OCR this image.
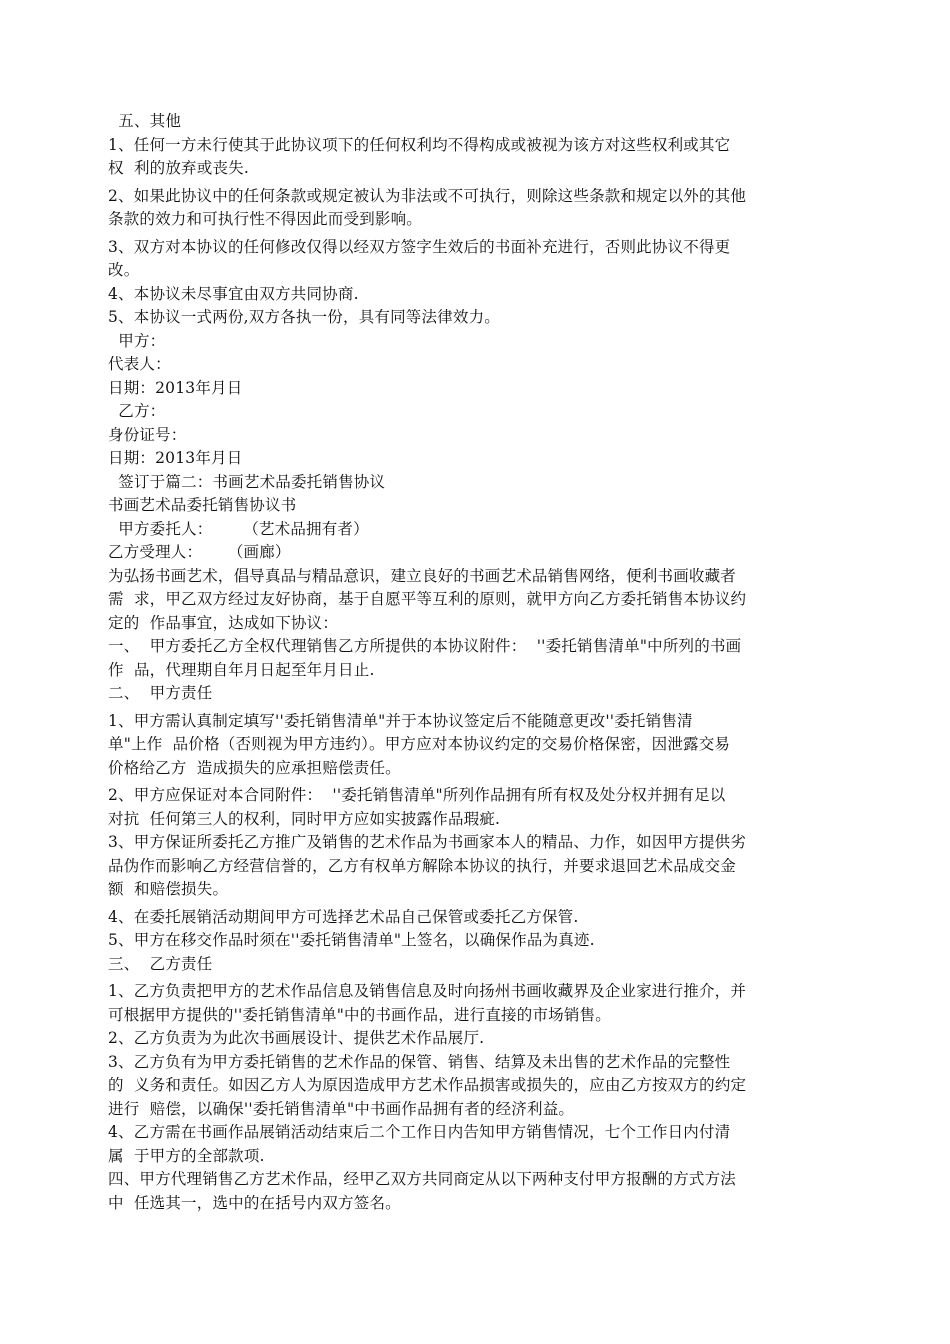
五、其他

1、任何一方未行使其于此协议项下的任何权利均不得构成或被视为该方对这些权利或其它

权  利的放弃或丧失.

2、如果此协议中的任何条款或规定被认为非法或不可执行，则除这些条款和规定以外的其他

条款的效力和可执行性不得因此而受到影响。

3、双方对本协议的任何修改仅得以经双方签字生效后的书面补充进行，否则此协议不得更

改。

4、本协议未尽事宜由双方共同协商.

5、本协议一式两份,双方各执一份，具有同等法律效力。

甲方：

代表人：

日期：2013年月日

乙方：

身份证号：

日期：2013年月日

签订于篇二：书画艺术品委托销售协议

书画艺术品委托销售协议书

甲方委托人：      （艺术品拥有者）

乙方受理人：     （画廊）

为弘扬书画艺术，倡导真品与精品意识，建立良好的书画艺术品销售网络，便利书画收藏者

需  求，甲乙双方经过友好协商，基于自愿平等互利的原则，就甲方向乙方委托销售本协议约

定的  作品事宜，达成如下协议：

一、  甲方委托乙方全权代理销售乙方所提供的本协议附件：  ''委托销售清单"中所列的书画

作  品，代理期自年月日起至年月日止.

二、  甲方责任

1、甲方需认真制定填写''委托销售清单"并于本协议签定后不能随意更改''委托销售清

单"上作  品价格（否则视为甲方违约）。甲方应对本协议约定的交易价格保密，因泄露交易

价格给乙方  造成损失的应承担赔偿责任。

2、甲方应保证对本合同附件：  ''委托销售清单"所列作品拥有所有权及处分权并拥有足以

对抗  任何第三人的权利，同时甲方应如实披露作品瑕疵.

3、甲方保证所委托乙方推广及销售的艺术作品为书画家本人的精品、力作，如因甲方提供劣

品伪作而影响乙方经营信誉的，乙方有权单方解除本协议的执行，并要求退回艺术品成交金

额  和赔偿损失。

4、在委托展销活动期间甲方可选择艺术品自己保管或委托乙方保管.

5、甲方在移交作品时须在''委托销售清单"上签名，以确保作品为真迹.

三、  乙方责任

1、乙方负责把甲方的艺术作品信息及销售信息及时向扬州书画收藏界及企业家进行推介，并

可根据甲方提供的''委托销售清单"中的书画作品，进行直接的市场销售。

2、乙方负责为为此次书画展设计、提供艺术作品展厅.

3、乙方负有为甲方委托销售的艺术作品的保管、销售、结算及未出售的艺术作品的完整性

的  义务和责任。如因乙方人为原因造成甲方艺术作品损害或损失的，应由乙方按双方的约定

进行  赔偿，以确保''委托销售清单"中书画作品拥有者的经济利益。

4、乙方需在书画作品展销活动结束后二个工作日内告知甲方销售情况，七个工作日内付清

属  于甲方的全部款项.

四、甲方代理销售乙方艺术作品，经甲乙双方共同商定从以下两种支付甲方报酬的方式方法

中  任选其一，选中的在括号内双方签名。
